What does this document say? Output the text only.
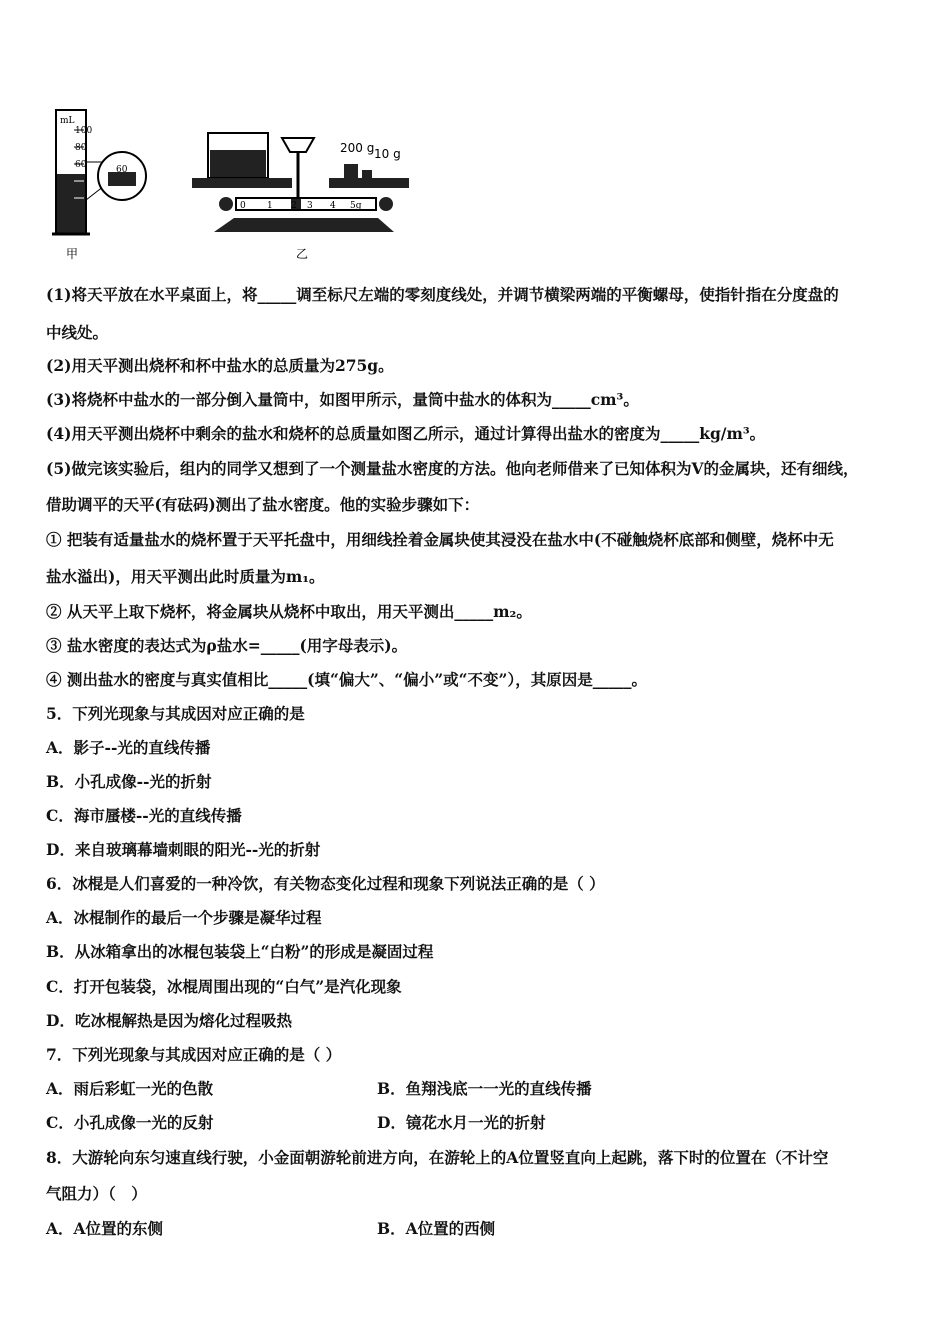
mL
100
80
60	60
甲
200 g 10 g
0 1 2 3 4 5g
乙
(1)将天平放在水平桌面上，将_____调至标尺左端的零刻度线处，并调节横梁两端的平衡螺母，使指针指在分度盘的
中线处。
(2)用天平测出烧杯和杯中盐水的总质量为275g。
(3)将烧杯中盐水的一部分倒入量筒中，如图甲所示，量筒中盐水的体积为_____cm³。
(4)用天平测出烧杯中剩余的盐水和烧杯的总质量如图乙所示，通过计算得出盐水的密度为_____kg/m³。
(5)做完该实验后，组内的同学又想到了一个测量盐水密度的方法。他向老师借来了已知体积为V的金属块，还有细线，
借助调平的天平(有砝码)测出了盐水密度。他的实验步骤如下：
① 把装有适量盐水的烧杯置于天平托盘中，用细线拴着金属块使其浸没在盐水中(不碰触烧杯底部和侧壁，烧杯中无
盐水溢出)，用天平测出此时质量为m₁。
② 从天平上取下烧杯，将金属块从烧杯中取出，用天平测出_____m₂。
③ 盐水密度的表达式为ρ盐水=_____(用字母表示)。
④ 测出盐水的密度与真实值相比_____(填“偏大”、“偏小”或“不变”），其原因是_____。
5．下列光现象与其成因对应正确的是
A．影子--光的直线传播
B．小孔成像--光的折射
C．海市蜃楼--光的直线传播
D．来自玻璃幕墙刺眼的阳光--光的折射
6．冰棍是人们喜爱的一种冷饮，有关物态变化过程和现象下列说法正确的是（ ）
A．冰棍制作的最后一个步骤是凝华过程
B．从冰箱拿出的冰棍包装袋上“白粉”的形成是凝固过程
C．打开包装袋，冰棍周围出现的“白气”是汽化现象
D．吃冰棍解热是因为熔化过程吸热
7．下列光现象与其成因对应正确的是（ ）
A．雨后彩虹一光的色散	B．鱼翔浅底一一光的直线传播
C．小孔成像一光的反射	D．镜花水月一光的折射
8．大游轮向东匀速直线行驶，小金面朝游轮前进方向，在游轮上的A位置竖直向上起跳，落下时的位置在（不计空
气阻力）（　）
A．A位置的东侧	B．A位置的西侧
